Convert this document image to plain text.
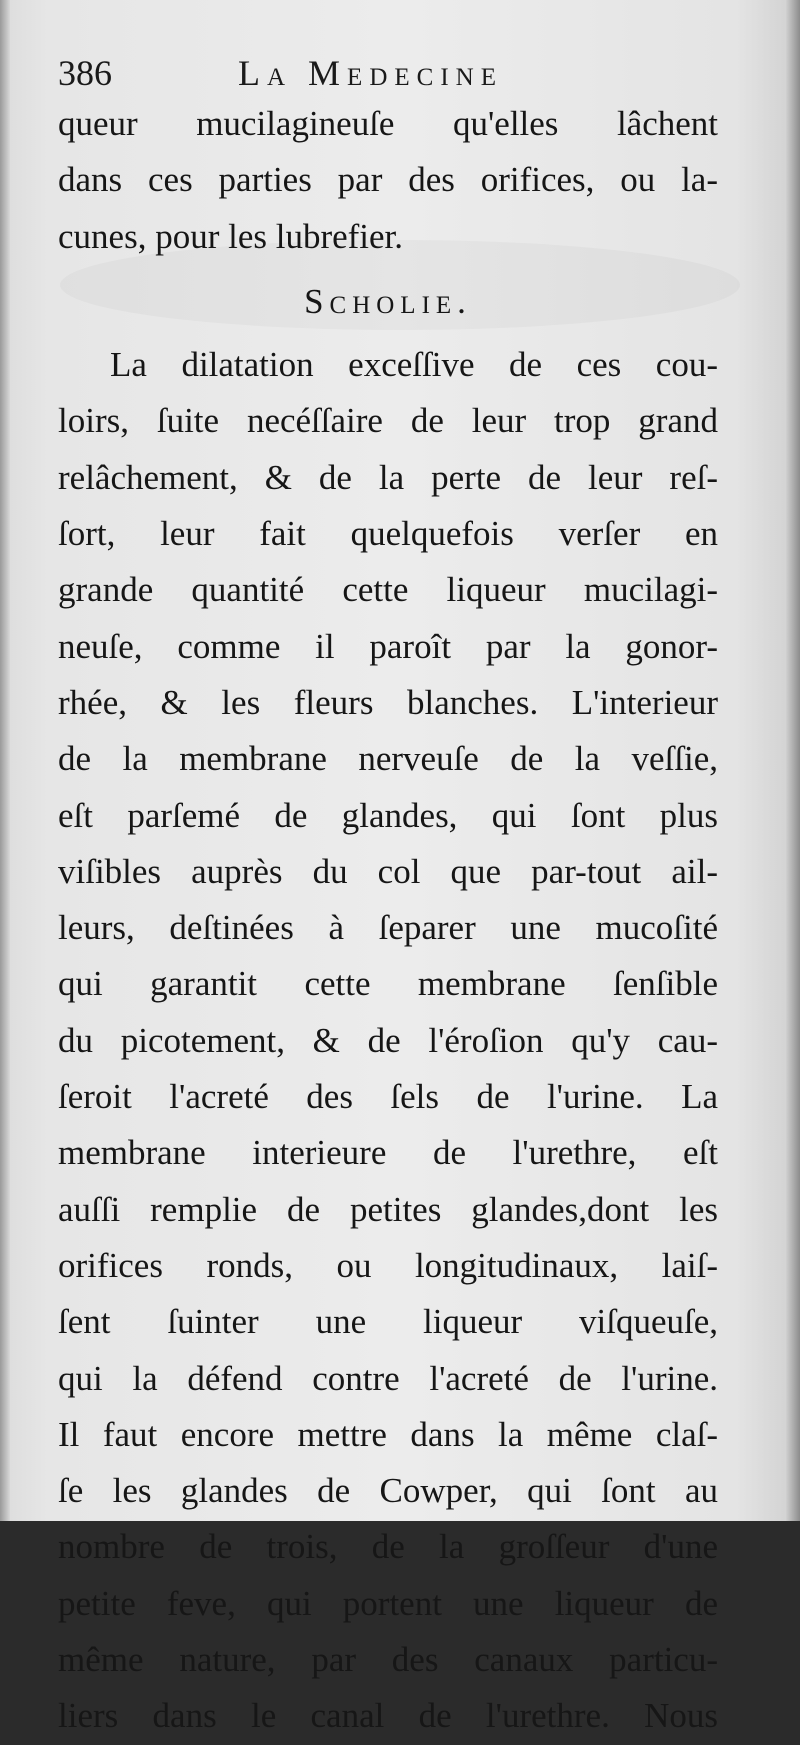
386	La Medecine
queur mucilagineuſe qu'elles lâchent
dans ces parties par des orifices, ou la-
cunes, pour les lubrefier.
Scholie.
La dilatation exceſſive de ces cou-
loirs, ſuite necéſſaire de leur trop grand
relâchement, & de la perte de leur reſ-
ſort, leur fait quelquefois verſer en
grande quantité cette liqueur mucilagi-
neuſe, comme il paroît par la gonor-
rhée, & les fleurs blanches. L'interieur
de la membrane nerveuſe de la veſſie,
eſt parſemé de glandes, qui ſont plus
viſibles auprès du col que par-tout ail-
leurs, deſtinées à ſeparer une mucoſité
qui garantit cette membrane ſenſible
du picotement, & de l'éroſion qu'y cau-
ſeroit l'acreté des ſels de l'urine. La
membrane interieure de l'urethre, eſt
auſſi remplie de petites glandes,dont les
orifices ronds, ou longitudinaux, laiſ-
ſent ſuinter une liqueur viſqueuſe,
qui la défend contre l'acreté de l'urine.
Il faut encore mettre dans la même claſ-
ſe les glandes de Cowper, qui ſont au
nombre de trois, de la groſſeur d'une
petite feve, qui portent une liqueur de
même nature, par des canaux particu-
liers dans le canal de l'urethre. Nous
